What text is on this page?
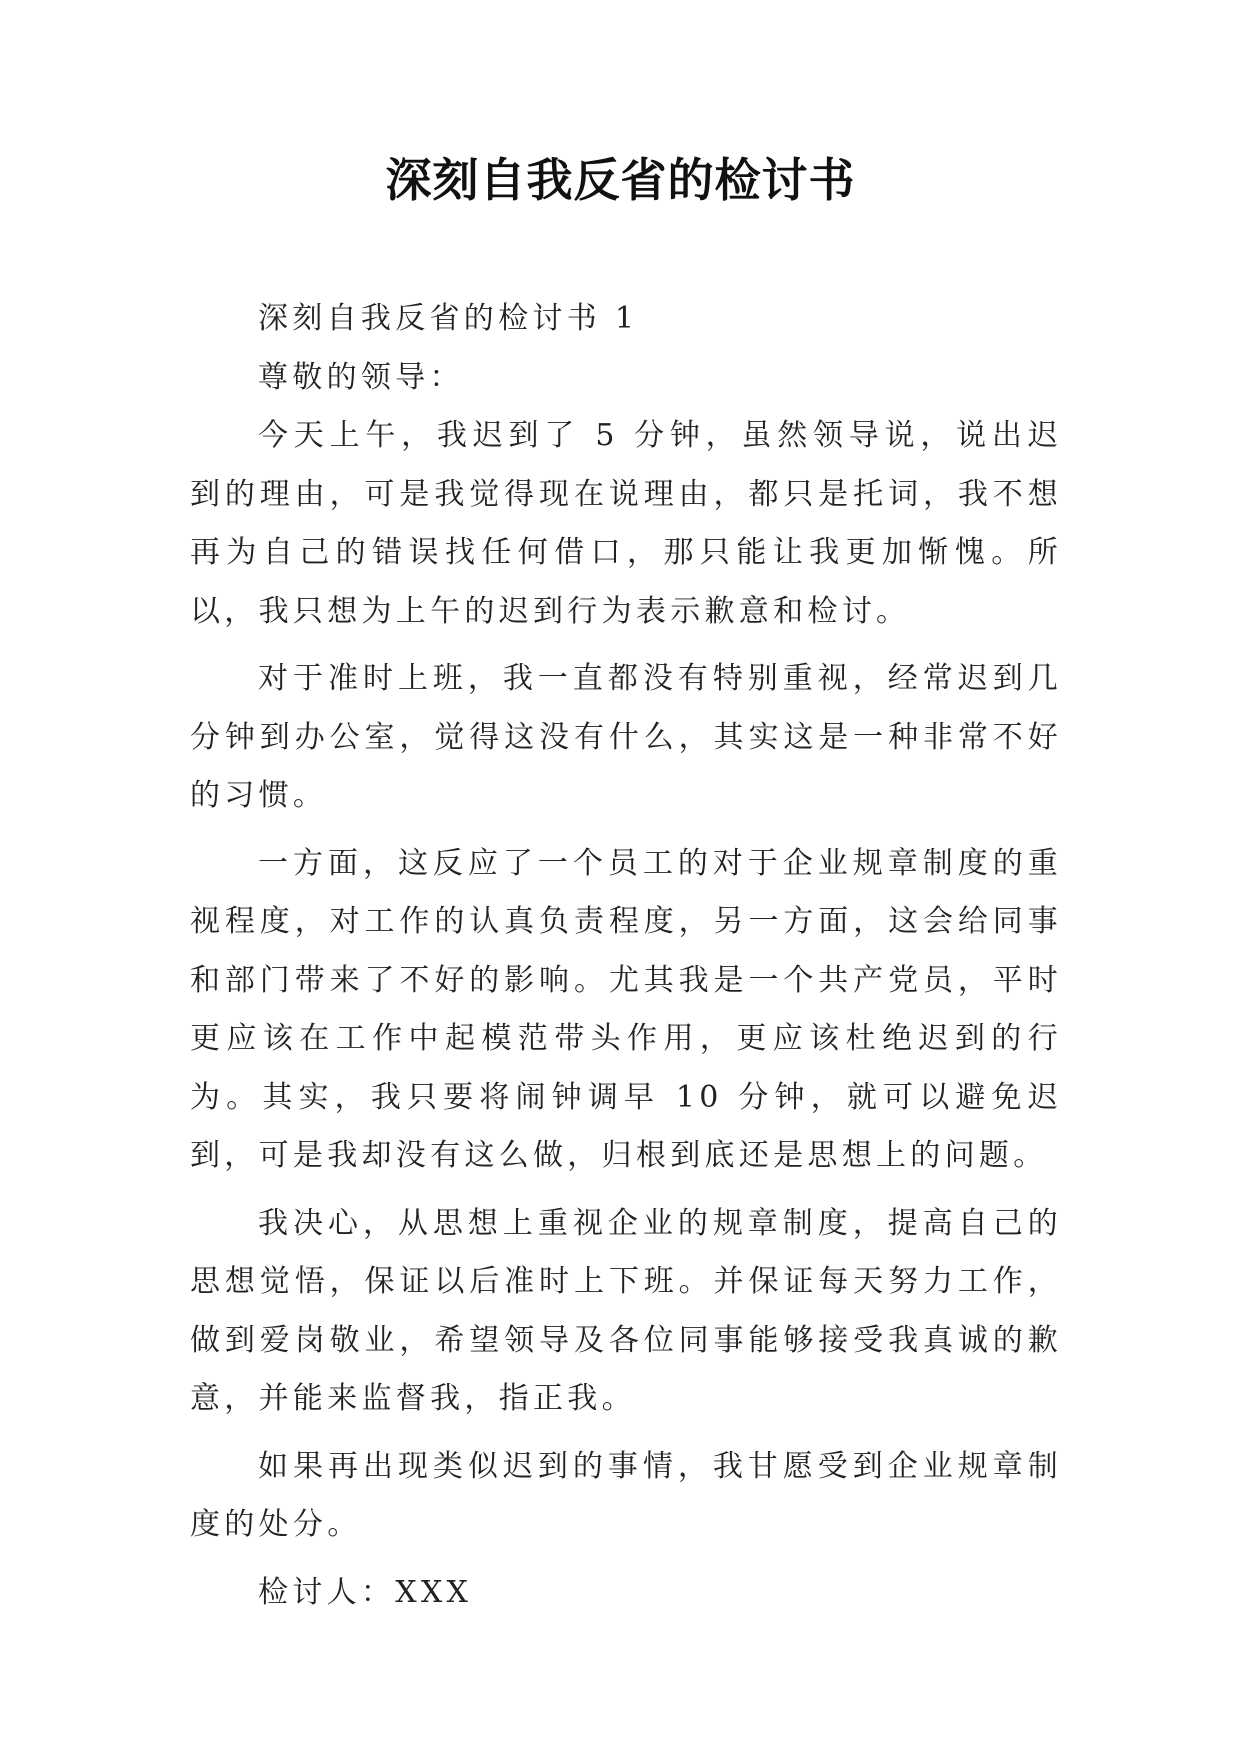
深刻自我反省的检讨书

深刻自我反省的检讨书 1

尊敬的领导：

今天上午，我迟到了 5 分钟，虽然领导说，说出迟到的理由，可是我觉得现在说理由，都只是托词，我不想再为自己的错误找任何借口，那只能让我更加惭愧。所以，我只想为上午的迟到行为表示歉意和检讨。

对于准时上班，我一直都没有特别重视，经常迟到几分钟到办公室，觉得这没有什么，其实这是一种非常不好的习惯。

一方面，这反应了一个员工的对于企业规章制度的重视程度，对工作的认真负责程度，另一方面，这会给同事和部门带来了不好的影响。尤其我是一个共产党员，平时更应该在工作中起模范带头作用，更应该杜绝迟到的行为。其实，我只要将闹钟调早 10 分钟，就可以避免迟到，可是我却没有这么做，归根到底还是思想上的问题。

我决心，从思想上重视企业的规章制度，提高自己的思想觉悟，保证以后准时上下班。并保证每天努力工作，做到爱岗敬业，希望领导及各位同事能够接受我真诚的歉意，并能来监督我，指正我。

如果再出现类似迟到的事情，我甘愿受到企业规章制度的处分。

检讨人：XXX
